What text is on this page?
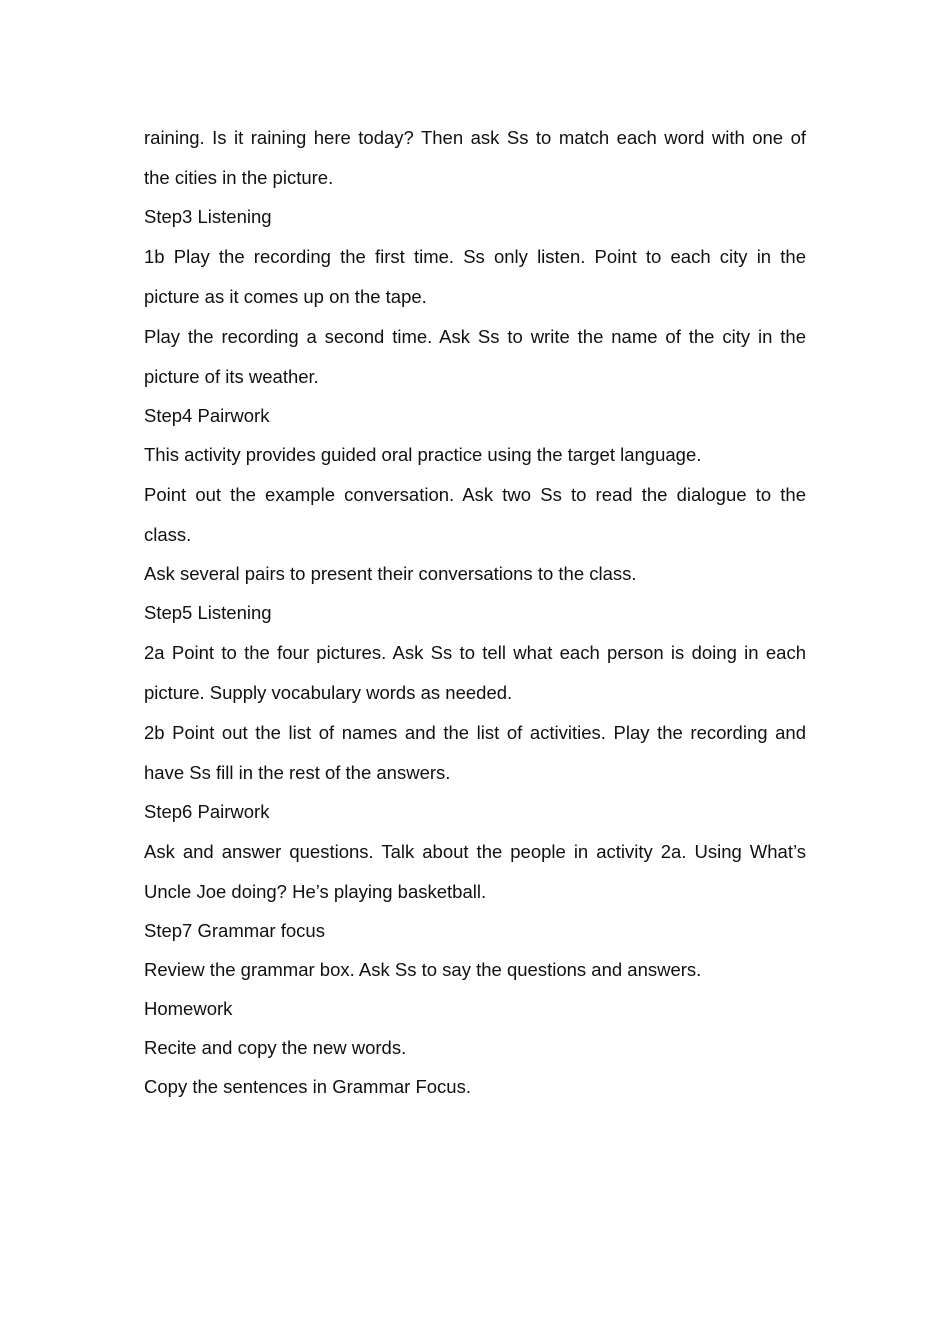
raining. Is it raining here today? Then ask Ss to match each word with one of

the cities in the picture.

Step3 Listening

1b Play the recording the first time. Ss only listen. Point to each city in the

picture as it comes up on the tape.

Play the recording a second time. Ask Ss to write the name of the city in the

picture of its weather.

Step4 Pairwork

This activity provides guided oral practice using the target language.

Point out the example conversation. Ask two Ss to read the dialogue to the

class.

Ask several pairs to present their conversations to the class.

Step5 Listening

2a Point to the four pictures. Ask Ss to tell what each person is doing in each

picture. Supply vocabulary words as needed.

2b Point out the list of names and the list of activities. Play the recording and

have Ss fill in the rest of the answers.

Step6 Pairwork

Ask and answer questions. Talk about the people in activity 2a. Using What’s

Uncle Joe doing? He’s playing basketball.

Step7 Grammar focus

Review the grammar box. Ask Ss to say the questions and answers.

Homework

Recite and copy the new words.

Copy the sentences in Grammar Focus.
